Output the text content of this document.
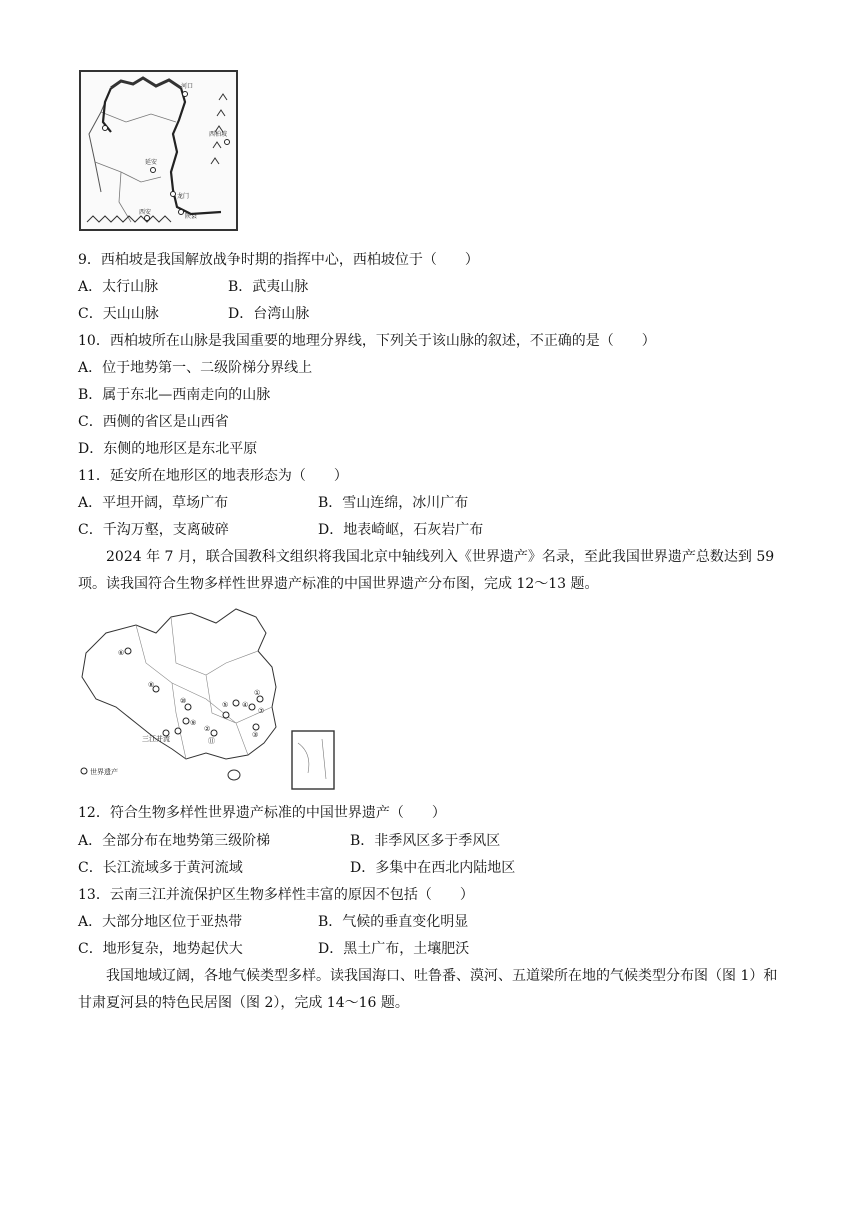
河口
西柏坡
延安
龙门
西安
陕县
9．西柏坡是我国解放战争时期的指挥中心，西柏坡位于（　　）
A．太行山脉	B．武夷山脉
C．天山山脉	D．台湾山脉
10．西柏坡所在山脉是我国重要的地理分界线，下列关于该山脉的叙述，不正确的是（　　）
A．位于地势第一、二级阶梯分界线上
B．属于东北—西南走向的山脉
C．西侧的省区是山西省
D．东侧的地形区是东北平原
11．延安所在地形区的地表形态为（　　）
A．平坦开阔，草场广布	B．雪山连绵，冰川广布
C．千沟万壑，支离破碎	D．地表崎岖，石灰岩广布
2024 年 7 月，联合国教科文组织将我国北京中轴线列入《世界遗产》名录，至此我国世界遗产总数达到 59 项。读我国符合生物多样性世界遗产标准的中国世界遗产分布图，完成 12～13 题。
⑥
⑧
⑩
⑨
②
⑤ ④
①
⑦
③
⑪
三江并流
世界遗产
12．符合生物多样性世界遗产标准的中国世界遗产（　　）
A．全部分布在地势第三级阶梯	B．非季风区多于季风区
C．长江流域多于黄河流域	D．多集中在西北内陆地区
13．云南三江并流保护区生物多样性丰富的原因不包括（　　）
A．大部分地区位于亚热带	B．气候的垂直变化明显
C．地形复杂，地势起伏大	D．黑土广布，土壤肥沃
我国地域辽阔，各地气候类型多样。读我国海口、吐鲁番、漠河、五道梁所在地的气候类型分布图（图 1）和甘肃夏河县的特色民居图（图 2），完成 14～16 题。
